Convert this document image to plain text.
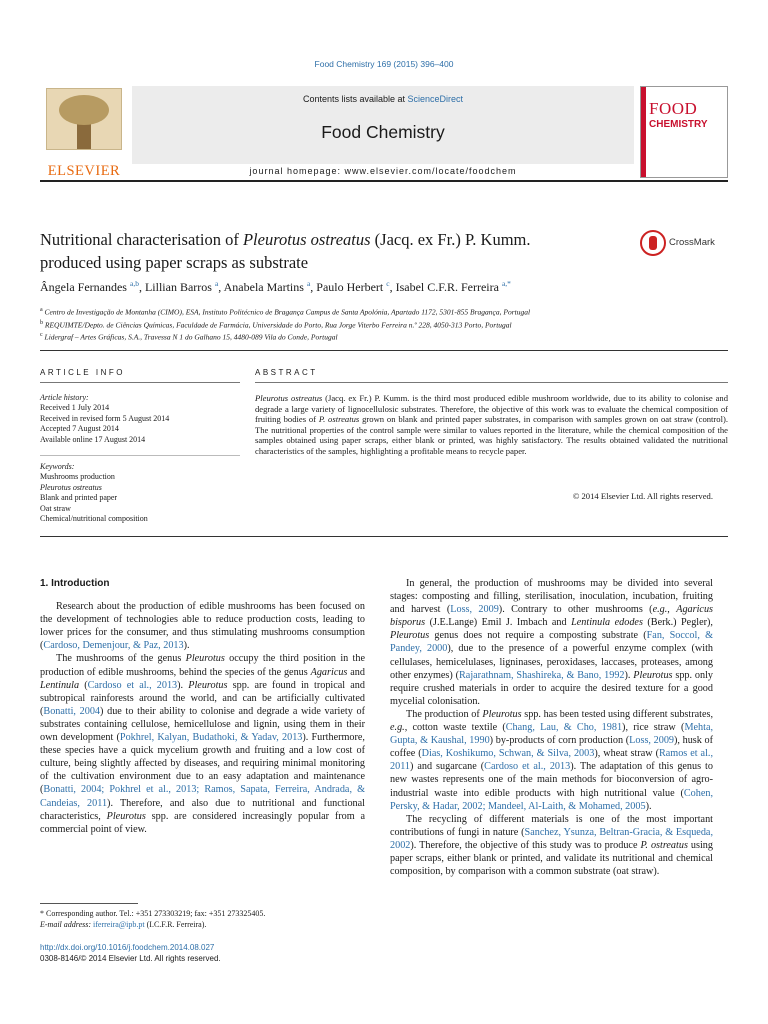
Food Chemistry 169 (2015) 396–400
ELSEVIER
Contents lists available at ScienceDirect
Food Chemistry
journal homepage: www.elsevier.com/locate/foodchem
FOOD
CHEMISTRY
Nutritional characterisation of Pleurotus ostreatus (Jacq. ex Fr.) P. Kumm.
produced using paper scraps as substrate
CrossMark
Ângela Fernandes $^{a,b}$, Lillian Barros $^a$, Anabela Martins $^a$, Paulo Herbert $^c$, Isabel C.F.R. Ferreira $^{a,*}$
$^a$ Centro de Investigação de Montanha (CIMO), ESA, Instituto Politécnico de Bragança Campus de Santa Apolónia, Apartado 1172, 5301-855 Bragança, Portugal
$^b$ REQUIMTE/Depto. de Ciências Químicas, Faculdade de Farmácia, Universidade do Porto, Rua Jorge Viterbo Ferreira n.º 228, 4050-313 Porto, Portugal
$^c$ Lidergraf – Artes Gráficas, S.A., Travessa N 1 do Galhano 15, 4480-089 Vila do Conde, Portugal
ARTICLE INFO	ABSTRACT
Article history:
Received 1 July 2014
Received in revised form 5 August 2014
Accepted 7 August 2014
Available online 17 August 2014
Keywords:
Mushrooms production
Pleurotus ostreatus
Blank and printed paper
Oat straw
Chemical/nutritional composition
Pleurotus ostreatus (Jacq. ex Fr.) P. Kumm. is the third most produced edible mushroom worldwide, due to its ability to colonise and degrade a large variety of lignocellulosic substrates. Therefore, the objective of this work was to evaluate the chemical composition of fruiting bodies of P. ostreatus grown on blank and printed paper substrates, in comparison with samples grown on oat straw (control). The nutritional properties of the control sample were similar to values reported in the literature, while the chemical composition of the samples obtained using paper scraps, either blank or printed, was highly satisfactory. The results obtained validated the nutritional characteristics of the samples, highlighting a profitable means to recycle paper.
© 2014 Elsevier Ltd. All rights reserved.
1. Introduction

Research about the production of edible mushrooms has been focused on the development of technologies able to reduce production costs, leading to lower prices for the consumer, and thus stimulating mushrooms consumption (Cardoso, Demenjour, & Paz, 2013).

The mushrooms of the genus Pleurotus occupy the third position in the production of edible mushrooms, behind the species of the genus Agaricus and Lentinula (Cardoso et al., 2013). Pleurotus spp. are found in tropical and subtropical rainforests around the world, and can be artificially cultivated (Bonatti, 2004) due to their ability to colonise and degrade a wide variety of substrates containing cellulose, hemicellulose and lignin, using them in their own development (Pokhrel, Kalyan, Budathoki, & Yadav, 2013). Furthermore, these species have a quick mycelium growth and fruiting and a low cost of culture, being slightly affected by diseases, and requiring minimal monitoring of the cultivation environment due to an easy adaptation and maintenance (Bonatti, 2004; Pokhrel et al., 2013; Ramos, Sapata, Ferreira, Andrada, & Candeias, 2011). Therefore, and also due to nutritional and functional characteristics, Pleurotus spp. are considered increasingly popular from a commercial point of view.

In general, the production of mushrooms may be divided into several stages: composting and filling, sterilisation, inoculation, incubation, fruiting and harvest (Loss, 2009). Contrary to other mushrooms (e.g., Agaricus bisporus (J.E.Lange) Emil J. Imbach and Lentinula edodes (Berk.) Pegler), Pleurotus genus does not require a composting substrate (Fan, Soccol, & Pandey, 2000), due to the presence of a powerful enzyme complex (with cellulases, hemicelulases, ligninases, peroxidases, laccases, proteases, among other enzymes) (Rajarathnam, Shashireka, & Bano, 1992). Pleurotus spp. only require crushed materials in order to acquire the desired texture for a good mycelial colonisation.

The production of Pleurotus spp. has been tested using different substrates, e.g., cotton waste textile (Chang, Lau, & Cho, 1981), rice straw (Mehta, Gupta, & Kaushal, 1990) by-products of corn production (Loss, 2009), husk of coffee (Dias, Koshikumo, Schwan, & Silva, 2003), wheat straw (Ramos et al., 2011) and sugarcane (Cardoso et al., 2013). The adaptation of this genus to new wastes represents one of the main methods for bioconversion of agro-industrial waste into edible products with high nutritional value (Cohen, Persky, & Hadar, 2002; Mandeel, Al-Laith, & Mohamed, 2005).

The recycling of different materials is one of the most important contributions of fungi in nature (Sanchez, Ysunza, Beltran-Gracia, & Esqueda, 2002). Therefore, the objective of this study was to produce P. ostreatus using paper scraps, either blank or printed, and validate its nutritional and chemical composition, by comparison with a common substrate (oat straw).

* Corresponding author. Tel.: +351 273303219; fax: +351 273325405.
E-mail address: iferreira@ipb.pt (I.C.F.R. Ferreira).
http://dx.doi.org/10.1016/j.foodchem.2014.08.027
0308-8146/© 2014 Elsevier Ltd. All rights reserved.
